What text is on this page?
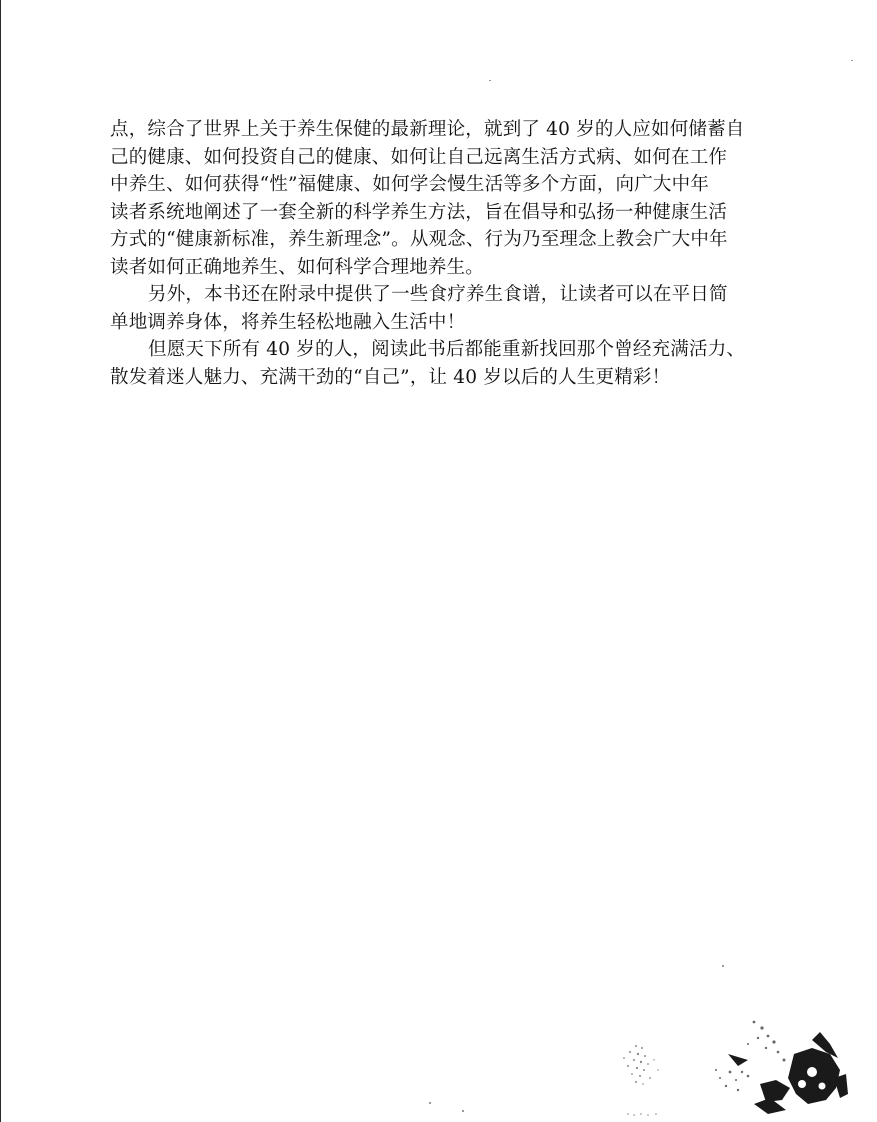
点，综合了世界上关于养生保健的最新理论，就到了 40 岁的人应如何储蓄自
己的健康、如何投资自己的健康、如何让自己远离生活方式病、如何在工作
中养生、如何获得“性”福健康、如何学会慢生活等多个方面，向广大中年
读者系统地阐述了一套全新的科学养生方法，旨在倡导和弘扬一种健康生活
方式的“健康新标准，养生新理念”。从观念、行为乃至理念上教会广大中年
读者如何正确地养生、如何科学合理地养生。
另外，本书还在附录中提供了一些食疗养生食谱，让读者可以在平日简
单地调养身体，将养生轻松地融入生活中！
但愿天下所有 40 岁的人，阅读此书后都能重新找回那个曾经充满活力、
散发着迷人魅力、充满干劲的“自己”，让 40 岁以后的人生更精彩！
